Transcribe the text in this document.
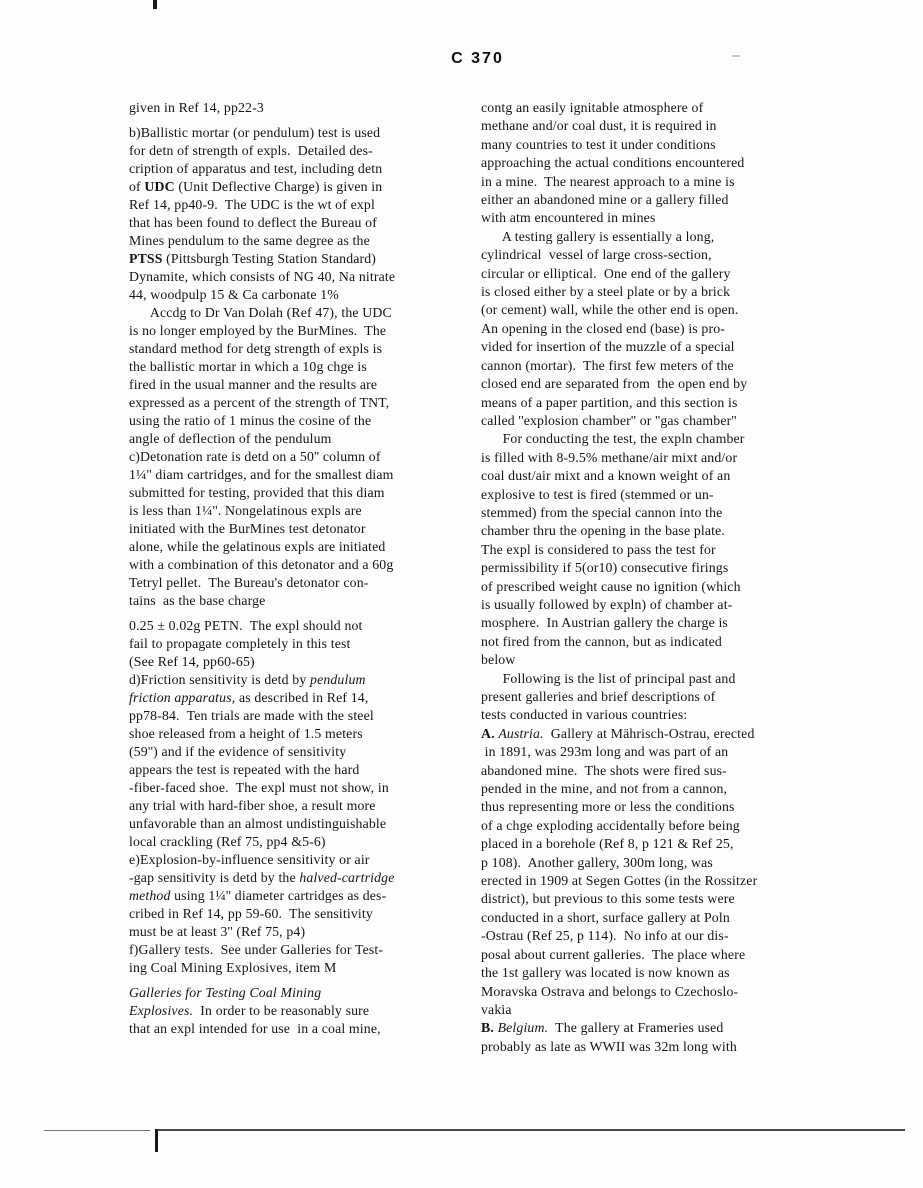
C 370
given in Ref 14, pp22-3
b)Ballistic mortar (or pendulum) test is used
for detn of strength of expls.  Detailed des-
cription of apparatus and test, including detn
of UDC (Unit Deflective Charge) is given in
Ref 14, pp40-9.  The UDC is the wt of expl
that has been found to deflect the Bureau of
Mines pendulum to the same degree as the
PTSS (Pittsburgh Testing Station Standard)
Dynamite, which consists of NG 40, Na nitrate
44, woodpulp 15 & Ca carbonate 1%
Accdg to Dr Van Dolah (Ref 47), the UDC
is no longer employed by the BurMines.  The
standard method for detg strength of expls is
the ballistic mortar in which a 10g chge is
fired in the usual manner and the results are
expressed as a percent of the strength of TNT,
using the ratio of 1 minus the cosine of the
angle of deflection of the pendulum
c)Detonation rate is detd on a 50'' column of
1¼'' diam cartridges, and for the smallest diam
submitted for testing, provided that this diam
is less than 1¼''. Nongelatinous expls are
initiated with the BurMines test detonator
alone, while the gelatinous expls are initiated
with a combination of this detonator and a 60g
Tetryl pellet.  The Bureau's detonator con-
tains  as the base charge
0.25 ± 0.02g PETN.  The expl should not
fail to propagate completely in this test
(See Ref 14, pp60-65)
d)Friction sensitivity is detd by pendulum
friction apparatus, as described in Ref 14,
pp78-84.  Ten trials are made with the steel
shoe released from a height of 1.5 meters
(59'') and if the evidence of sensitivity
appears the test is repeated with the hard
-fiber-faced shoe.  The expl must not show, in
any trial with hard-fiber shoe, a result more
unfavorable than an almost undistinguishable
local crackling (Ref 75, pp4 &5-6)
e)Explosion-by-influence sensitivity or air
-gap sensitivity is detd by the halved-cartridge
method using 1¼'' diameter cartridges as des-
cribed in Ref 14, pp 59-60.  The sensitivity
must be at least 3'' (Ref 75, p4)
f)Gallery tests.  See under Galleries for Test-
ing Coal Mining Explosives, item M
Galleries for Testing Coal Mining
Explosives.  In order to be reasonably sure
that an expl intended for use  in a coal mine,
contg an easily ignitable atmosphere of
methane and/or coal dust, it is required in
many countries to test it under conditions
approaching the actual conditions encountered
in a mine.  The nearest approach to a mine is
either an abandoned mine or a gallery filled
with atm encountered in mines
A testing gallery is essentially a long,
cylindrical  vessel of large cross-section,
circular or elliptical.  One end of the gallery
is closed either by a steel plate or by a brick
(or cement) wall, while the other end is open.
An opening in the closed end (base) is pro-
vided for insertion of the muzzle of a special
cannon (mortar).  The first few meters of the
closed end are separated from  the open end by
means of a paper partition, and this section is
called ''explosion chamber'' or ''gas chamber''
For conducting the test, the expln chamber
is filled with 8-9.5% methane/air mixt and/or
coal dust/air mixt and a known weight of an
explosive to test is fired (stemmed or un-
stemmed) from the special cannon into the
chamber thru the opening in the base plate.
The expl is considered to pass the test for
permissibility if 5(or10) consecutive firings
of prescribed weight cause no ignition (which
is usually followed by expln) of chamber at-
mosphere.  In Austrian gallery the charge is
not fired from the cannon, but as indicated
below
Following is the list of principal past and
present galleries and brief descriptions of
tests conducted in various countries:
A. Austria.  Gallery at Mährisch-Ostrau, erected
in 1891, was 293m long and was part of an
abandoned mine.  The shots were fired sus-
pended in the mine, and not from a cannon,
thus representing more or less the conditions
of a chge exploding accidentally before being
placed in a borehole (Ref 8, p 121 & Ref 25,
p 108).  Another gallery, 300m long, was
erected in 1909 at Segen Gottes (in the Rossitzer
district), but previous to this some tests were
conducted in a short, surface gallery at Poln
-Ostrau (Ref 25, p 114).  No info at our dis-
posal about current galleries.  The place where
the 1st gallery was located is now known as
Moravska Ostrava and belongs to Czechoslo-
vakia
B. Belgium.  The gallery at Frameries used
probably as late as WWII was 32m long with
